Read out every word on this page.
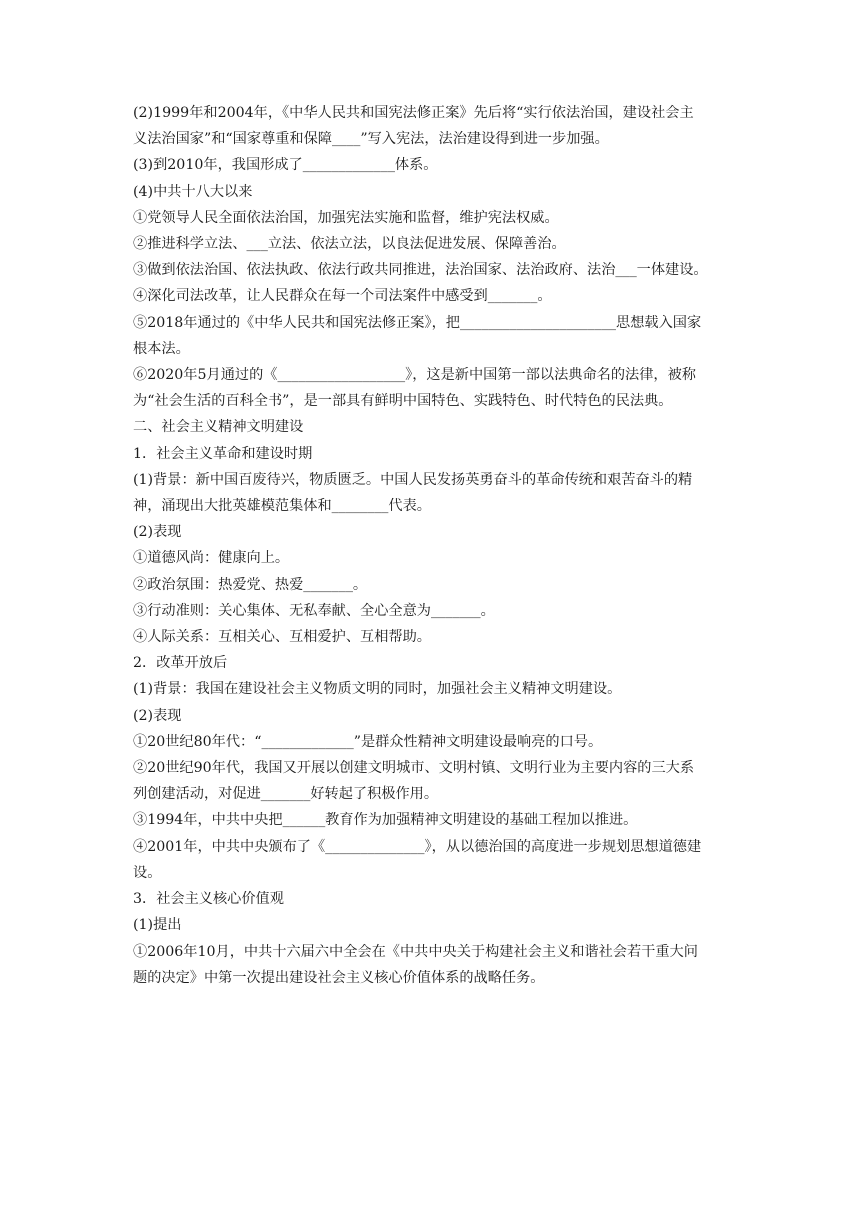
(2)1999年和2004年，《中华人民共和国宪法修正案》先后将“实行依法治国，建设社会主
义法治国家”和“国家尊重和保障____”写入宪法，法治建设得到进一步加强。
(3)到2010年，我国形成了_____________体系。
(4)中共十八大以来
①党领导人民全面依法治国，加强宪法实施和监督，维护宪法权威。
②推进科学立法、___立法、依法立法，以良法促进发展、保障善治。
③做到依法治国、依法执政、依法行政共同推进，法治国家、法治政府、法治___一体建设。
④深化司法改革，让人民群众在每一个司法案件中感受到_______。
⑤2018年通过的《中华人民共和国宪法修正案》，把______________________思想载入国家
根本法。
⑥2020年5月通过的《__________________》，这是新中国第一部以法典命名的法律，被称
为“社会生活的百科全书”，是一部具有鲜明中国特色、实践特色、时代特色的民法典。
二、社会主义精神文明建设
1．社会主义革命和建设时期
(1)背景：新中国百废待兴，物质匮乏。中国人民发扬英勇奋斗的革命传统和艰苦奋斗的精
神，涌现出大批英雄模范集体和________代表。
(2)表现
①道德风尚：健康向上。
②政治氛围：热爱党、热爱_______。
③行动准则：关心集体、无私奉献、全心全意为_______。
④人际关系：互相关心、互相爱护、互相帮助。
2．改革开放后
(1)背景：我国在建设社会主义物质文明的同时，加强社会主义精神文明建设。
(2)表现
①20世纪80年代：“_____________”是群众性精神文明建设最响亮的口号。
②20世纪90年代，我国又开展以创建文明城市、文明村镇、文明行业为主要内容的三大系
列创建活动，对促进_______好转起了积极作用。
③1994年，中共中央把______教育作为加强精神文明建设的基础工程加以推进。
④2001年，中共中央颁布了《______________》，从以德治国的高度进一步规划思想道德建
设。
3．社会主义核心价值观
(1)提出
①2006年10月，中共十六届六中全会在《中共中央关于构建社会主义和谐社会若干重大问
题的决定》中第一次提出建设社会主义核心价值体系的战略任务。
